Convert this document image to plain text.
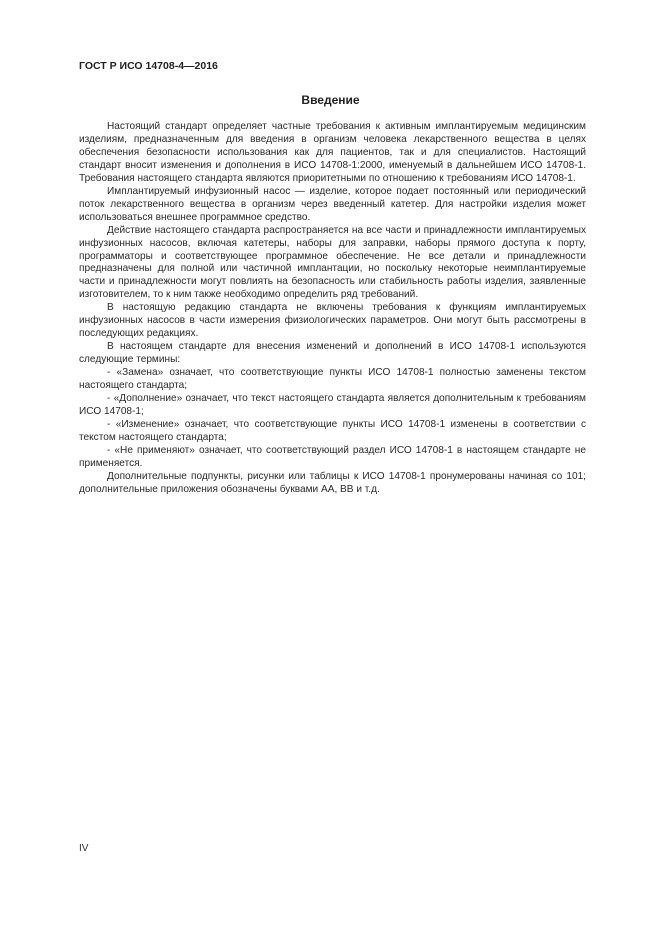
ГОСТ Р ИСО 14708-4—2016
Введение

Настоящий стандарт определяет частные требования к активным имплантируемым медицинским изделиям, предназначенным для введения в организм человека лекарственного вещества в целях обеспечения безопасности использования как для пациентов, так и для специалистов. Настоящий стандарт вносит изменения и дополнения в ИСО 14708-1:2000, именуемый в дальнейшем ИСО 14708-1. Требования настоящего стандарта являются приоритетными по отношению к требованиям ИСО 14708-1.

Имплантируемый инфузионный насос — изделие, которое подает постоянный или периодический поток лекарственного вещества в организм через введенный катетер. Для настройки изделия может использоваться внешнее программное средство.

Действие настоящего стандарта распространяется на все части и принадлежности имплантируемых инфузионных насосов, включая катетеры, наборы для заправки, наборы прямого доступа к порту, программаторы и соответствующее программное обеспечение. Не все детали и принадлежности предназначены для полной или частичной имплантации, но поскольку некоторые неимплантируемые части и принадлежности могут повлиять на безопасность или стабильность работы изделия, заявленные изготовителем, то к ним также необходимо определить ряд требований.

В настоящую редакцию стандарта не включены требования к функциям имплантируемых инфузионных насосов в части измерения физиологических параметров. Они могут быть рассмотрены в последующих редакциях.

В настоящем стандарте для внесения изменений и дополнений в ИСО 14708-1 используются следующие термины:

- «Замена» означает, что соответствующие пункты ИСО 14708-1 полностью заменены текстом настоящего стандарта;

- «Дополнение» означает, что текст настоящего стандарта является дополнительным к требованиям ИСО 14708-1;

- «Изменение» означает, что соответствующие пункты ИСО 14708-1 изменены в соответствии с текстом настоящего стандарта;

- «Не применяют» означает, что соответствующий раздел ИСО 14708-1 в настоящем стандарте не применяется.

Дополнительные подпункты, рисунки или таблицы к ИСО 14708-1 пронумерованы начиная со 101; дополнительные приложения обозначены буквами АА, ВВ и т.д.

IV
